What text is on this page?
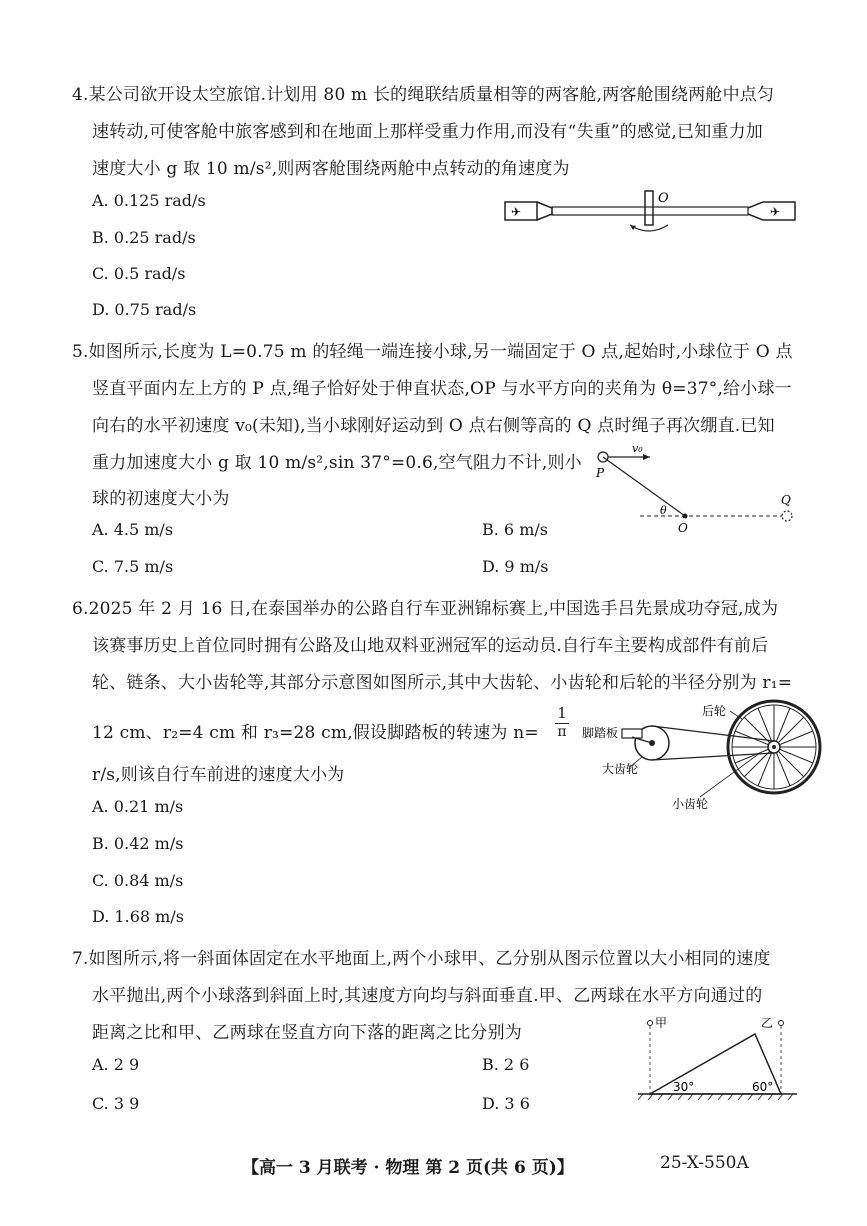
4.某公司欲开设太空旅馆.计划用 80 m 长的绳联结质量相等的两客舱,两客舱围绕两舱中点匀
速转动,可使客舱中旅客感到和在地面上那样受重力作用,而没有“失重”的感觉,已知重力加
速度大小 g 取 10 m/s²,则两客舱围绕两舱中点转动的角速度为
A. 0.125 rad/s
B. 0.25 rad/s
C. 0.5 rad/s
D. 0.75 rad/s
✈
O
✈
5.如图所示,长度为 L=0.75 m 的轻绳一端连接小球,另一端固定于 O 点,起始时,小球位于 O 点
竖直平面内左上方的 P 点,绳子恰好处于伸直状态,OP 与水平方向的夹角为 θ=37°,给小球一
向右的水平初速度 v₀(未知),当小球刚好运动到 O 点右侧等高的 Q 点时绳子再次绷直.已知
重力加速度大小 g 取 10 m/s²,sin 37°=0.6,空气阻力不计,则小
球的初速度大小为
A. 4.5 m/s	B. 6 m/s
C. 7.5 m/s	D. 9 m/s
v₀
P
θ
O
Q
6.2025 年 2 月 16 日,在泰国举办的公路自行车亚洲锦标赛上,中国选手吕先景成功夺冠,成为
该赛事历史上首位同时拥有公路及山地双料亚洲冠军的运动员.自行车主要构成部件有前后
轮、链条、大小齿轮等,其部分示意图如图所示,其中大齿轮、小齿轮和后轮的半径分别为 r₁=
12 cm、r₂=4 cm 和 r₃=28 cm,假设脚踏板的转速为 $n= \frac{1}{\pi}$
r/s,则该自行车前进的速度大小为
A. 0.21 m/s
B. 0.42 m/s
C. 0.84 m/s
D. 1.68 m/s
后轮
脚踏板
大齿轮
小齿轮
7.如图所示,将一斜面体固定在水平地面上,两个小球甲、乙分别从图示位置以大小相同的速度
水平抛出,两个小球落到斜面上时,其速度方向均与斜面垂直.甲、乙两球在水平方向通过的
距离之比和甲、乙两球在竖直方向下落的距离之比分别为
A. 2 9	B. 2 6
C. 3 9	D. 3 6
甲	乙
30°	60°
【高一 3 月联考 · 物理 第 2 页(共 6 页)】	25-X-550A
